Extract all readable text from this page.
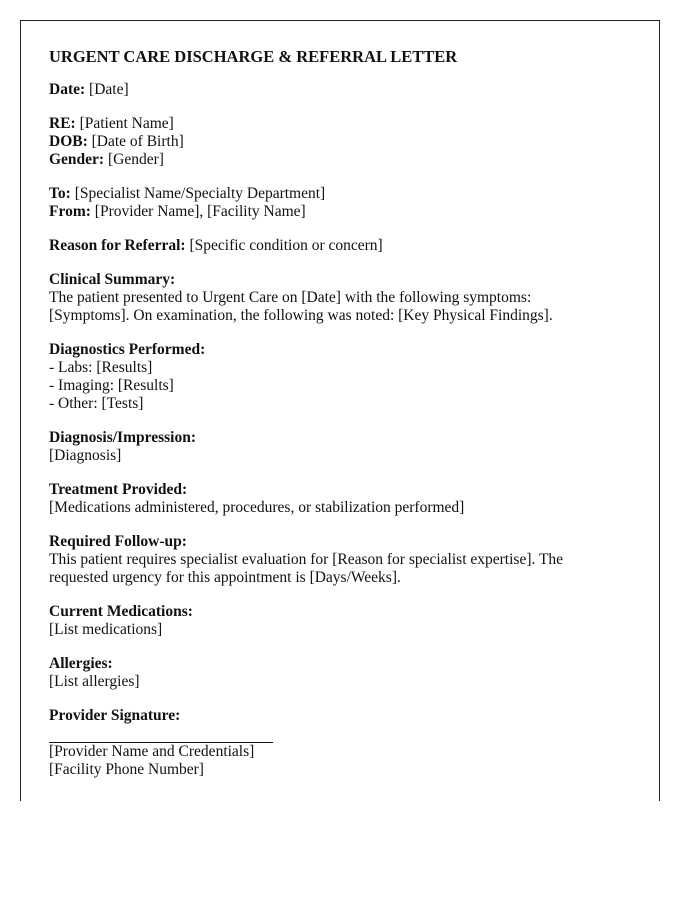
URGENT CARE DISCHARGE & REFERRAL LETTER
Date: [Date]
RE: [Patient Name]
DOB: [Date of Birth]
Gender: [Gender]
To: [Specialist Name/Specialty Department]
From: [Provider Name], [Facility Name]
Reason for Referral: [Specific condition or concern]
Clinical Summary:
The patient presented to Urgent Care on [Date] with the following symptoms:
[Symptoms]. On examination, the following was noted: [Key Physical Findings].
Diagnostics Performed:
- Labs: [Results]
- Imaging: [Results]
- Other: [Tests]
Diagnosis/Impression:
[Diagnosis]
Treatment Provided:
[Medications administered, procedures, or stabilization performed]
Required Follow-up:
This patient requires specialist evaluation for [Reason for specialist expertise]. The
requested urgency for this appointment is [Days/Weeks].
Current Medications:
[List medications]
Allergies:
[List allergies]
Provider Signature:
[Provider Name and Credentials]
[Facility Phone Number]
